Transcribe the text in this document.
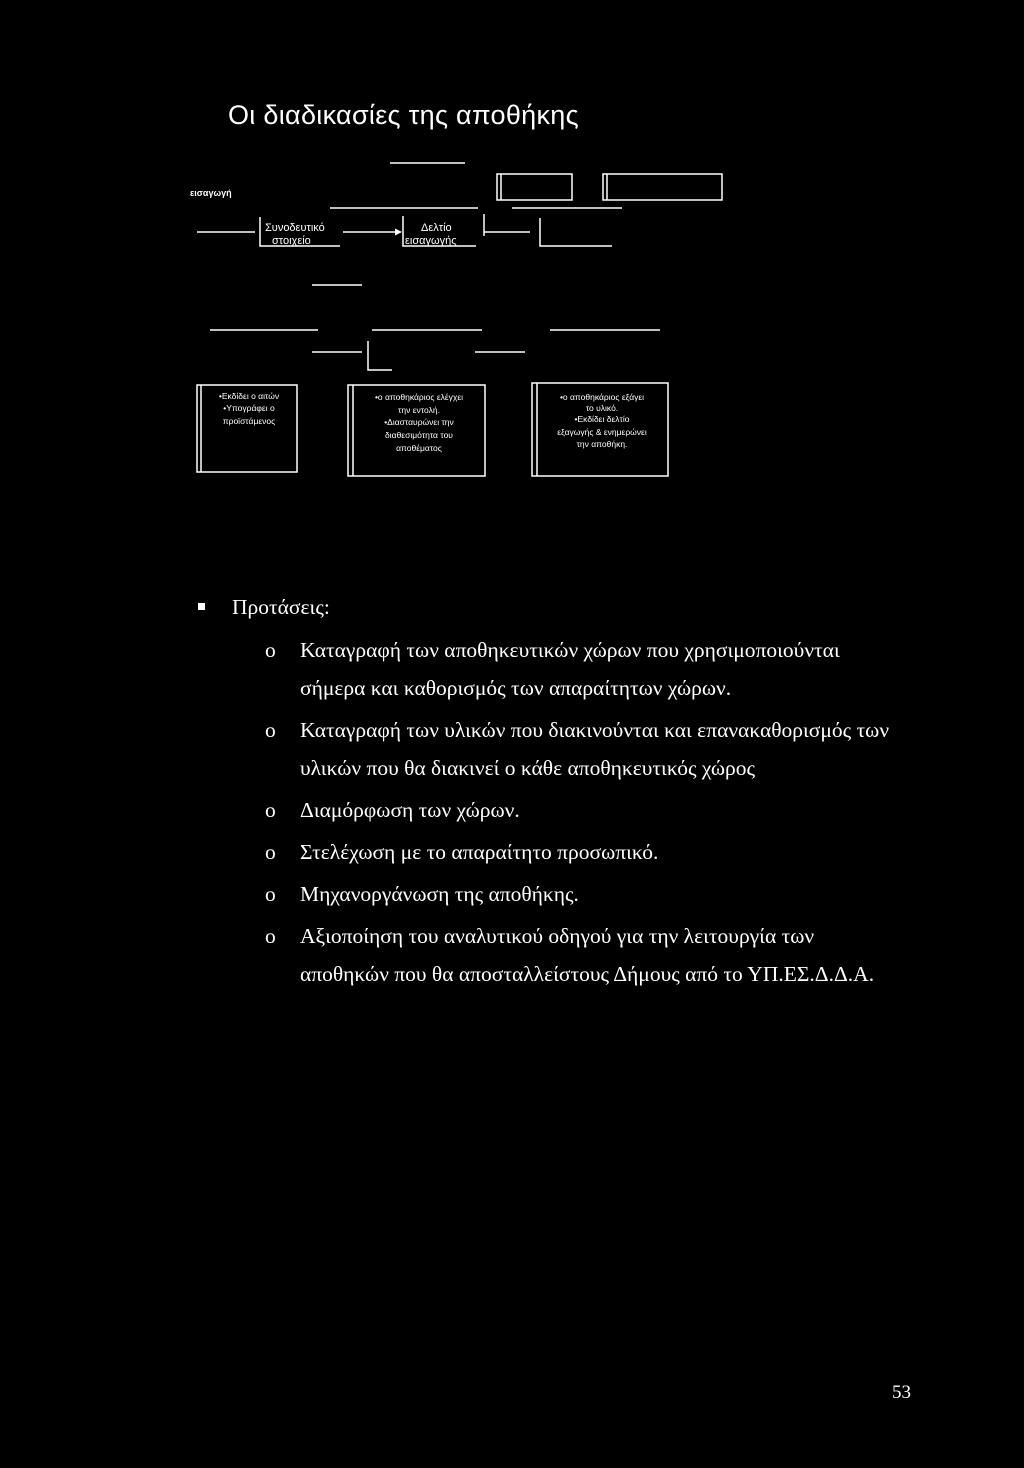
Οι διαδικασίες της αποθήκης
εισαγωγή
Συνοδευτικό
στοιχείο
Δελτίο
εισαγωγής
•Εκδίδει ο αιτών
•Υπογράφει ο
προϊστάμενος
•ο αποθηκάριος ελέγχει
την εντολή.
•Διασταυρώνει την
διαθεσιμότητα του
αποθέματος
•ο αποθηκάριος εξάγει
το υλικό.
•Εκδίδει δελτίο
εξαγωγής & ενημερώνει
την αποθήκη.
Προτάσεις:
o	Καταγραφή των αποθηκευτικών χώρων που χρησιμοποιούνται
σήμερα και καθορισμός των απαραίτητων χώρων.
o	Καταγραφή των υλικών που διακινούνται και επανακαθορισμός των
υλικών που θα διακινεί ο κάθε αποθηκευτικός χώρος
o	Διαμόρφωση των χώρων.
o	Στελέχωση με το απαραίτητο προσωπικό.
o	Μηχανοργάνωση της αποθήκης.
o	Αξιοποίηση του αναλυτικού οδηγού για την λειτουργία των
αποθηκών που θα αποσταλλείστους Δήμους από το ΥΠ.ΕΣ.Δ.Δ.Α.
53
